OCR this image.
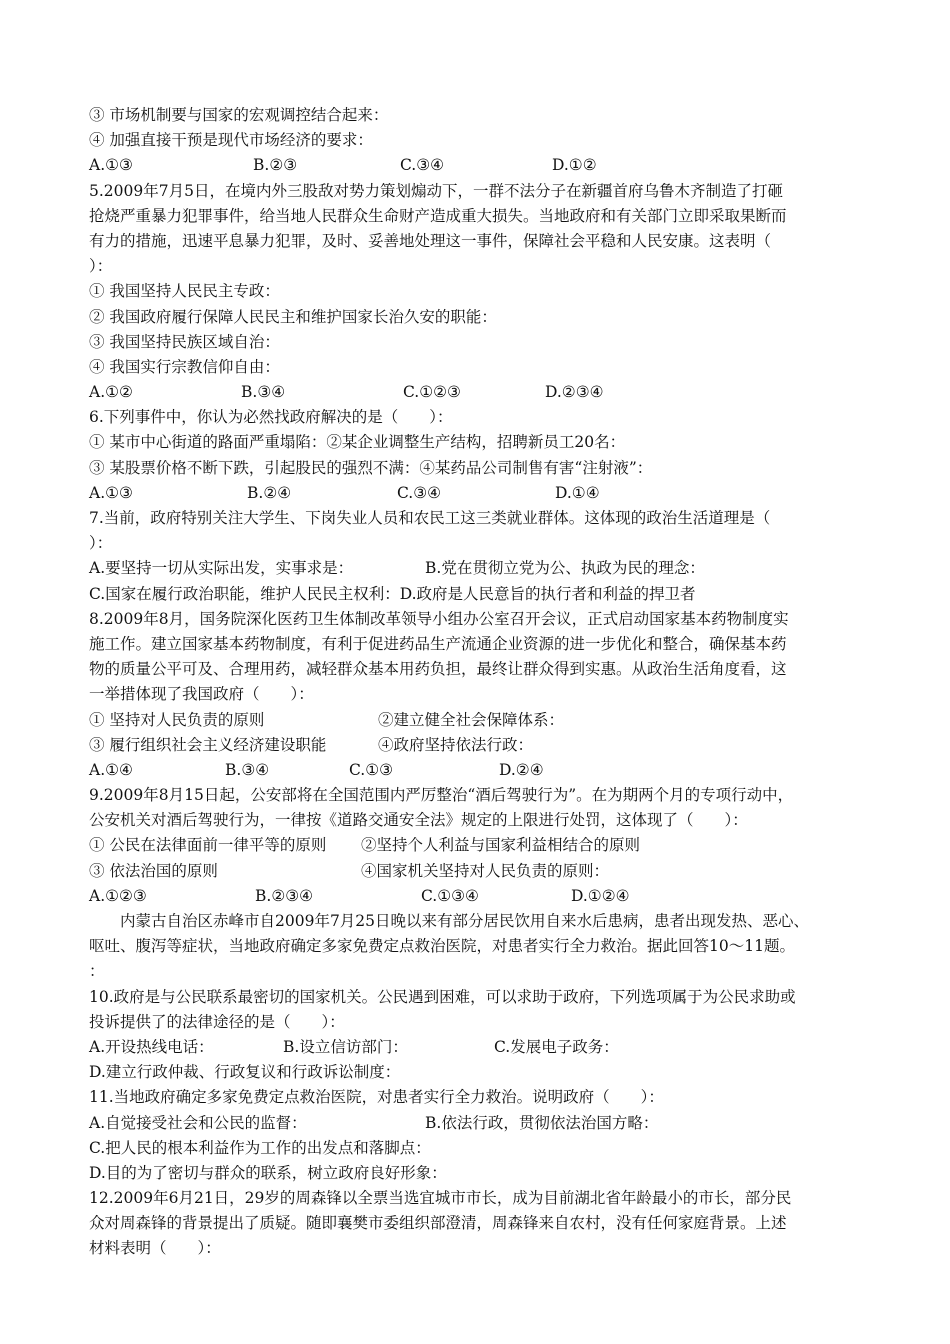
③ 市场机制要与国家的宏观调控结合起来：
④ 加强直接干预是现代市场经济的要求：
A.①③	B.②③	C.③④	D.①②
5.2009年7月5日，在境内外三股敌对势力策划煽动下，一群不法分子在新疆首府乌鲁木齐制造了打砸
抢烧严重暴力犯罪事件，给当地人民群众生命财产造成重大损失。当地政府和有关部门立即采取果断而
有力的措施，迅速平息暴力犯罪，及时、妥善地处理这一事件，保障社会平稳和人民安康。这表明（
）：
① 我国坚持人民民主专政：
② 我国政府履行保障人民民主和维护国家长治久安的职能：
③ 我国坚持民族区域自治：
④ 我国实行宗教信仰自由：
A.①②	B.③④	C.①②③	D.②③④
6.下列事件中，你认为必然找政府解决的是（　　）：
① 某市中心街道的路面严重塌陷：②某企业调整生产结构，招聘新员工20名：
③ 某股票价格不断下跌，引起股民的强烈不满：④某药品公司制售有害“注射液”：
A.①③	B.②④	C.③④	D.①④
7.当前，政府特别关注大学生、下岗失业人员和农民工这三类就业群体。这体现的政治生活道理是（
）：
A.要坚持一切从实际出发，实事求是：	B.党在贯彻立党为公、执政为民的理念：
C.国家在履行政治职能，维护人民民主权利：D.政府是人民意旨的执行者和利益的捍卫者
8.2009年8月，国务院深化医药卫生体制改革领导小组办公室召开会议，正式启动国家基本药物制度实
施工作。建立国家基本药物制度，有利于促进药品生产流通企业资源的进一步优化和整合，确保基本药
物的质量公平可及、合理用药，减轻群众基本用药负担，最终让群众得到实惠。从政治生活角度看，这
一举措体现了我国政府（　　）：
① 坚持对人民负责的原则	②建立健全社会保障体系：
③ 履行组织社会主义经济建设职能	④政府坚持依法行政：
A.①④	B.③④	C.①③	D.②④
9.2009年8月15日起，公安部将在全国范围内严厉整治“酒后驾驶行为”。在为期两个月的专项行动中，
公安机关对酒后驾驶行为，一律按《道路交通安全法》规定的上限进行处罚，这体现了（　　）：
① 公民在法律面前一律平等的原则	②坚持个人利益与国家利益相结合的原则
③ 依法治国的原则	④国家机关坚持对人民负责的原则：
A.①②③	B.②③④	C.①③④	D.①②④
内蒙古自治区赤峰市自2009年7月25日晚以来有部分居民饮用自来水后患病，患者出现发热、恶心、
呕吐、腹泻等症状，当地政府确定多家免费定点救治医院，对患者实行全力救治。据此回答10～11题。
：
10.政府是与公民联系最密切的国家机关。公民遇到困难，可以求助于政府，下列选项属于为公民求助或
投诉提供了的法律途径的是（　　）：
A.开设热线电话：	B.设立信访部门：	C.发展电子政务：
D.建立行政仲裁、行政复议和行政诉讼制度：
11.当地政府确定多家免费定点救治医院，对患者实行全力救治。说明政府（　　）：
A.自觉接受社会和公民的监督：	B.依法行政，贯彻依法治国方略：
C.把人民的根本利益作为工作的出发点和落脚点：
D.目的为了密切与群众的联系，树立政府良好形象：
12.2009年6月21日，29岁的周森锋以全票当选宜城市市长，成为目前湖北省年龄最小的市长，部分民
众对周森锋的背景提出了质疑。随即襄樊市委组织部澄清，周森锋来自农村，没有任何家庭背景。上述
材料表明（　　）：
